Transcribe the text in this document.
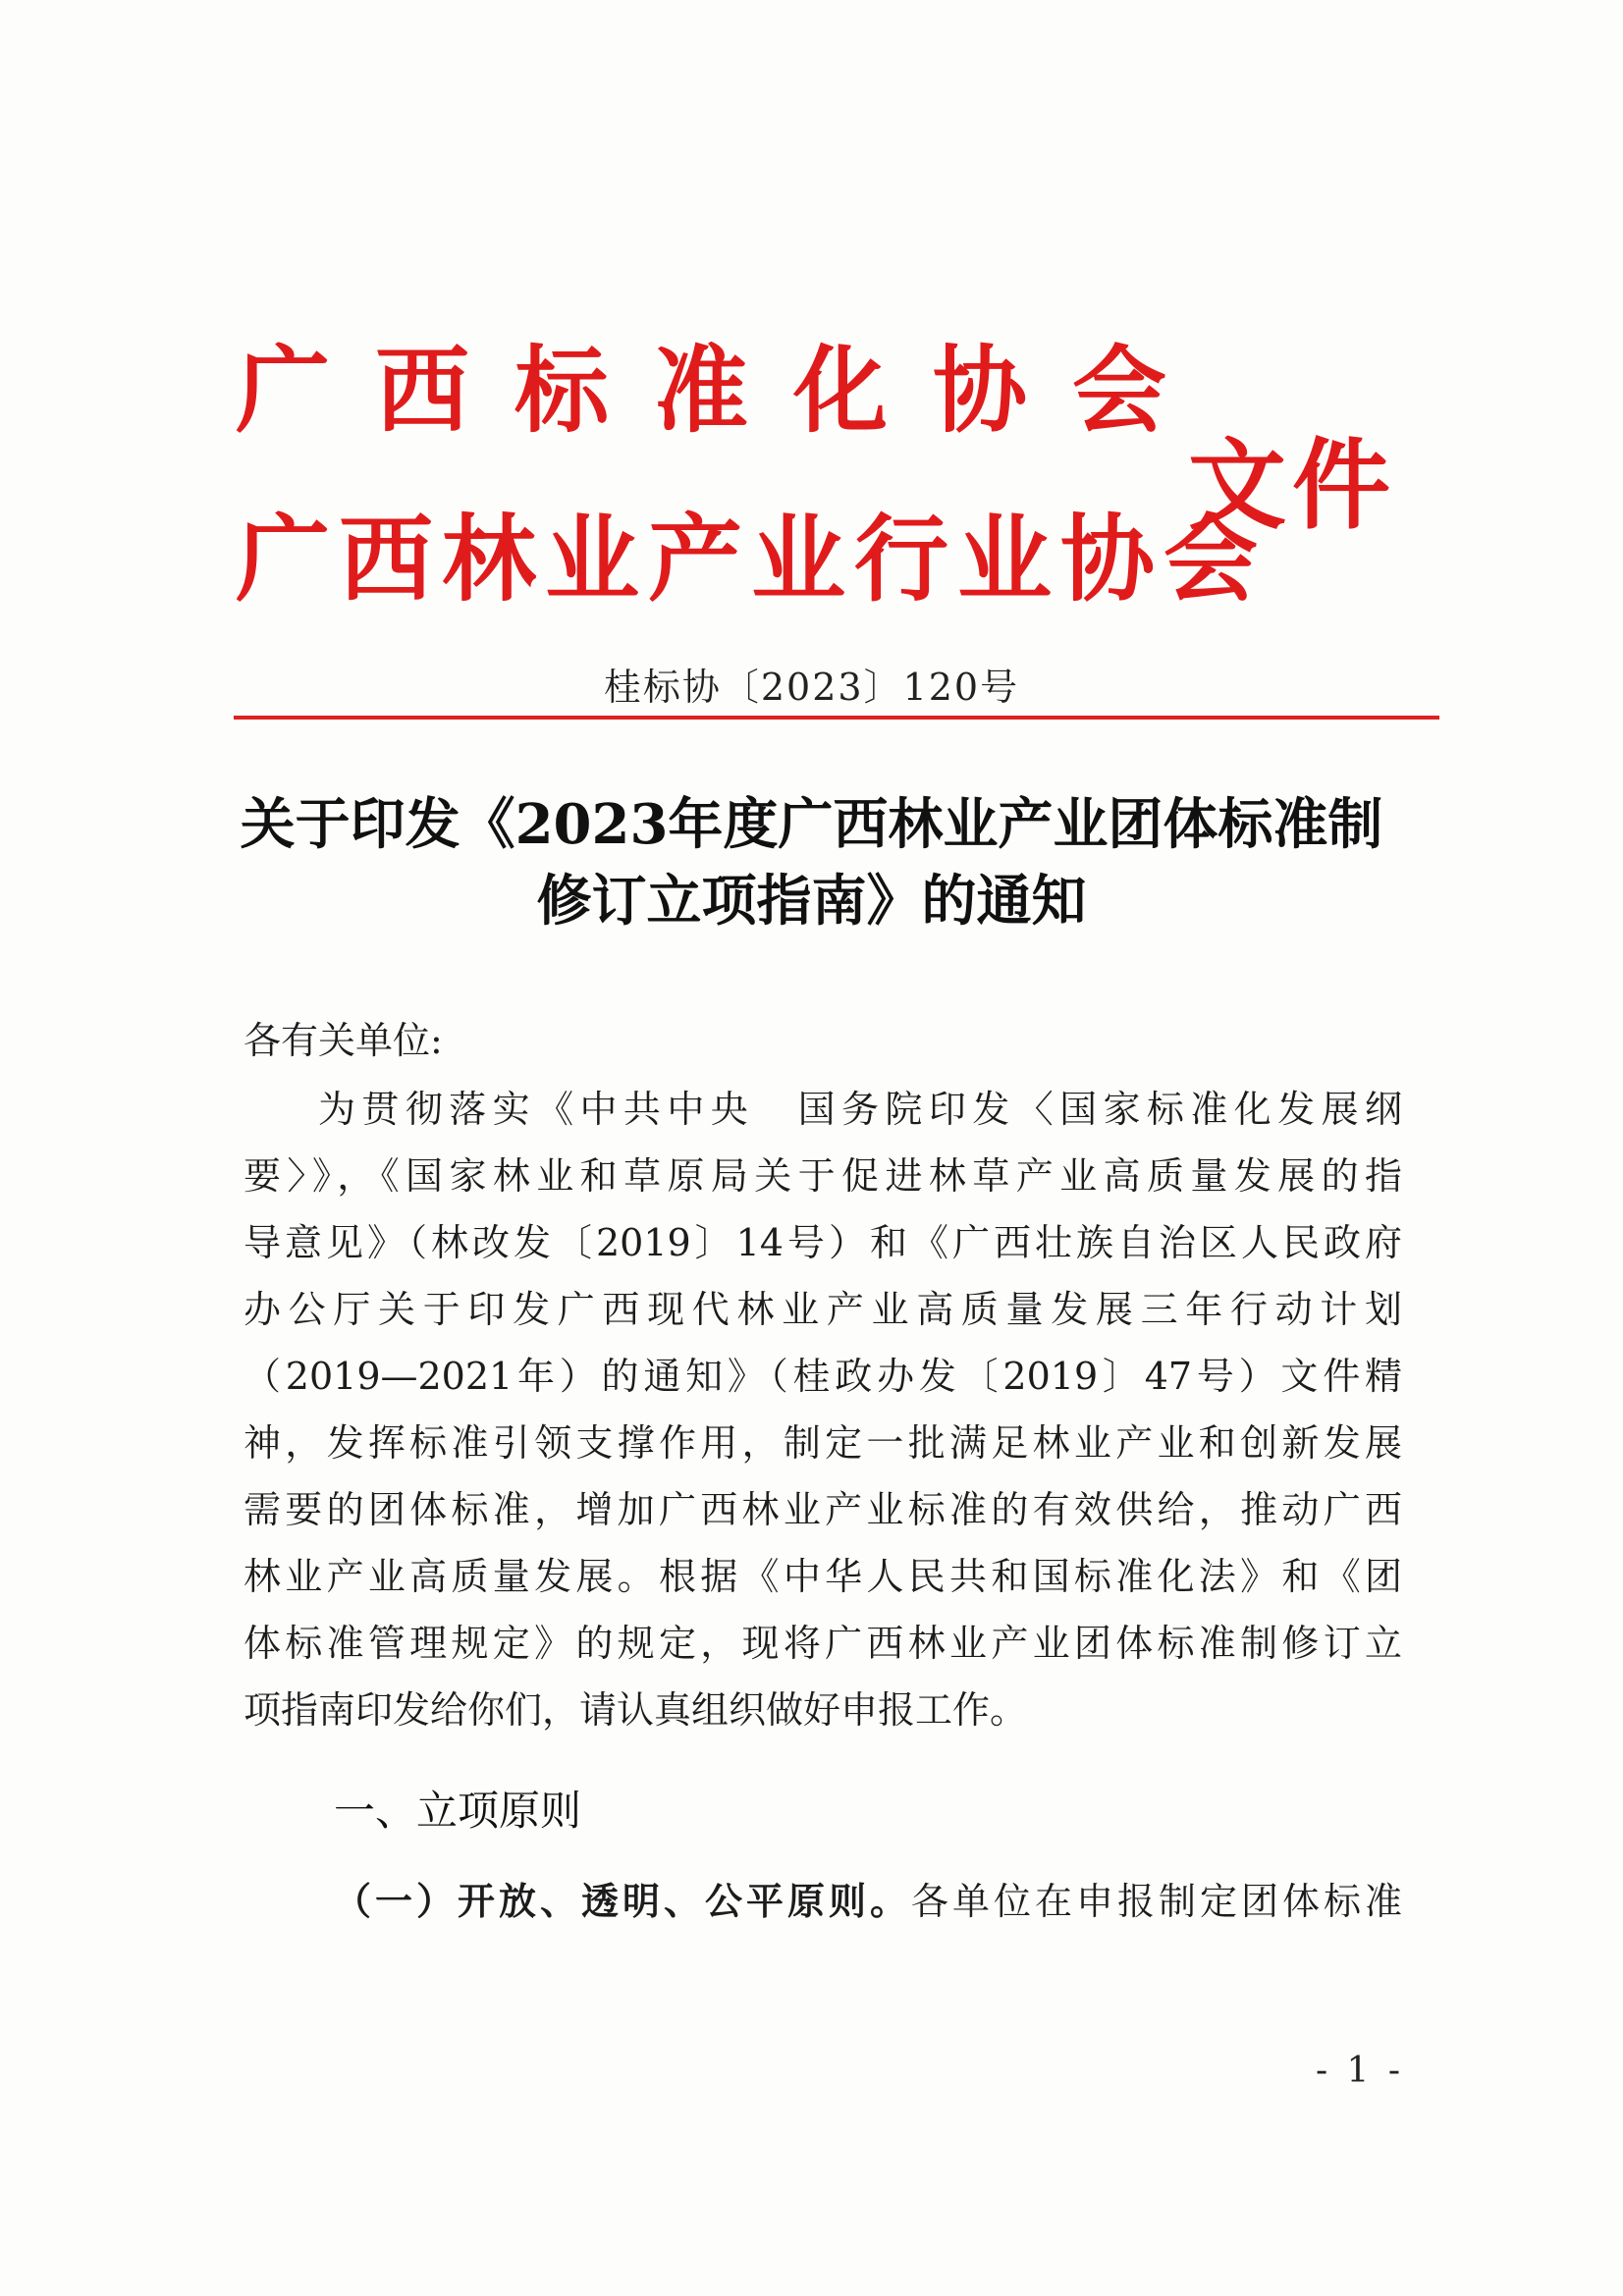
广西标准化协会
广西林业产业行业协会
文件
桂标协〔2023〕120号
关于印发《2023年度广西林业产业团体标准制
修订立项指南》的通知
各有关单位:
为贯彻落实《中共中央　国务院印发〈国家标准化发展纲
要〉》，《国家林业和草原局关于促进林草产业高质量发展的指
导意见》（林改发〔2019〕14号）和《广西壮族自治区人民政府
办公厅关于印发广西现代林业产业高质量发展三年行动计划
（2019—2021年）的通知》（桂政办发〔2019〕47号）文件精
神，发挥标准引领支撑作用，制定一批满足林业产业和创新发展
需要的团体标准，增加广西林业产业标准的有效供给，推动广西
林业产业高质量发展。根据《中华人民共和国标准化法》和《团
体标准管理规定》的规定，现将广西林业产业团体标准制修订立
项指南印发给你们，请认真组织做好申报工作。
一、立项原则
（一）开放、透明、公平原则。各单位在申报制定团体标准
- 1 -
